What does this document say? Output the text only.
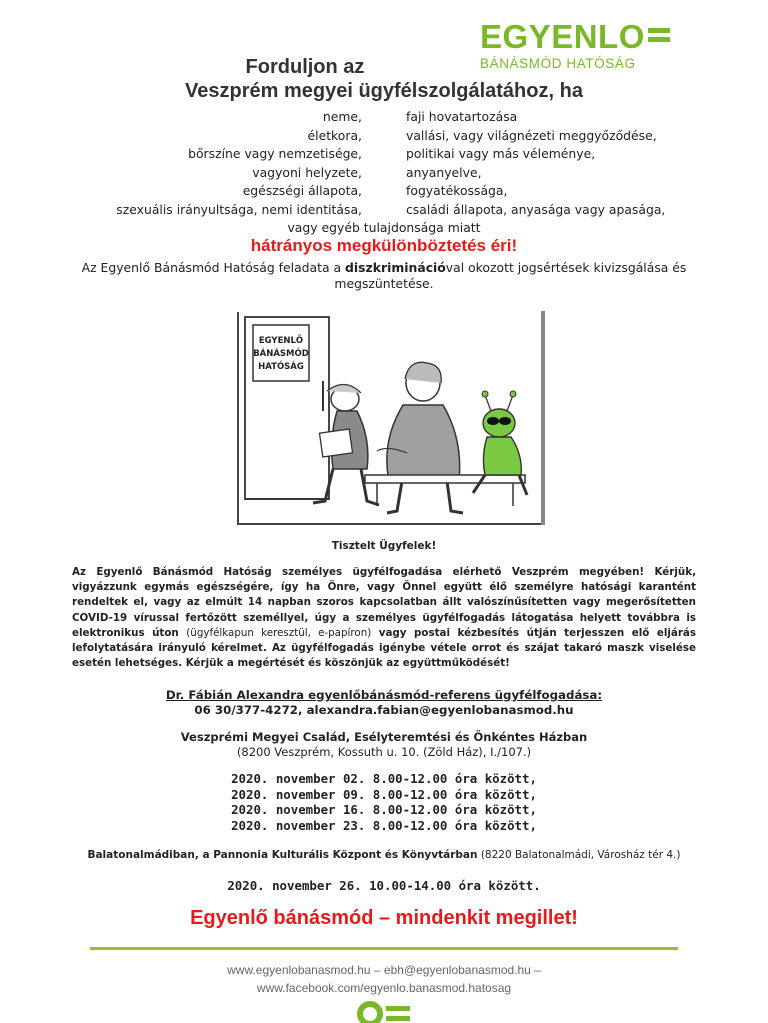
EGYENLO
BÁNÁSMÓD HATÓSÁG
Forduljon az
Veszprém megyei ügyfélszolgálatához, ha
neme,
életkora,
bőrszíne vagy nemzetisége,
vagyoni helyzete,
egészségi állapota,
szexuális irányultsága, nemi identitása,
faji hovatartozása
vallási, vagy világnézeti meggyőződése,
politikai vagy más véleménye,
anyanyelve,
fogyatékossága,
családi állapota, anyasága vagy apasága,
vagy egyéb tulajdonsága miatt
hátrányos megkülönböztetés éri!
Az Egyenlő Bánásmód Hatóság feladata a diszkriminációval okozott jogsértések kivizsgálása és megszüntetése.
EGYENLŐ
BÁNÁSMÓD
HATÓSÁG
Tisztelt Ügyfelek!
Az Egyenlő Bánásmód Hatóság személyes ügyfélfogadása elérhető Veszprém megyében! Kérjük, vigyázzunk egymás egészségére, így ha Önre, vagy Önnel együtt élő személyre hatósági karantént rendeltek el, vagy az elmúlt 14 napban szoros kapcsolatban állt valószínűsítetten vagy megerősítetten COVID-19 vírussal fertőzött személlyel, úgy a személyes ügyfélfogadás látogatása helyett továbbra is elektronikus úton (ügyfélkapun keresztül, e-papíron) vagy postai kézbesítés útján terjesszen elő eljárás lefolytatására irányuló kérelmet. Az ügyfélfogadás igénybe vétele orrot és szájat takaró maszk viselése esetén lehetséges. Kérjük a megértését és köszönjük az együttműködését!
Dr. Fábián Alexandra egyenlőbánásmód-referens ügyfélfogadása:
06 30/377-4272, alexandra.fabian@egyenlobanasmod.hu
Veszprémi Megyei Család, Esélyteremtési és Önkéntes Házban
(8200 Veszprém, Kossuth u. 10. (Zöld Ház), I./107.)
2020. november 02. 8.00-12.00 óra között,
2020. november 09. 8.00-12.00 óra között,
2020. november 16. 8.00-12.00 óra között,
2020. november 23. 8.00-12.00 óra között,
Balatonalmádiban, a Pannonia Kulturális Központ és Könyvtárban (8220 Balatonalmádi, Városház tér 4.)
2020. november 26. 10.00-14.00 óra között.
Egyenlő bánásmód – mindenkit megillet!
www.egyenlobanasmod.hu – ebh@egyenlobanasmod.hu –
www.facebook.com/egyenlo.banasmod.hatosag
